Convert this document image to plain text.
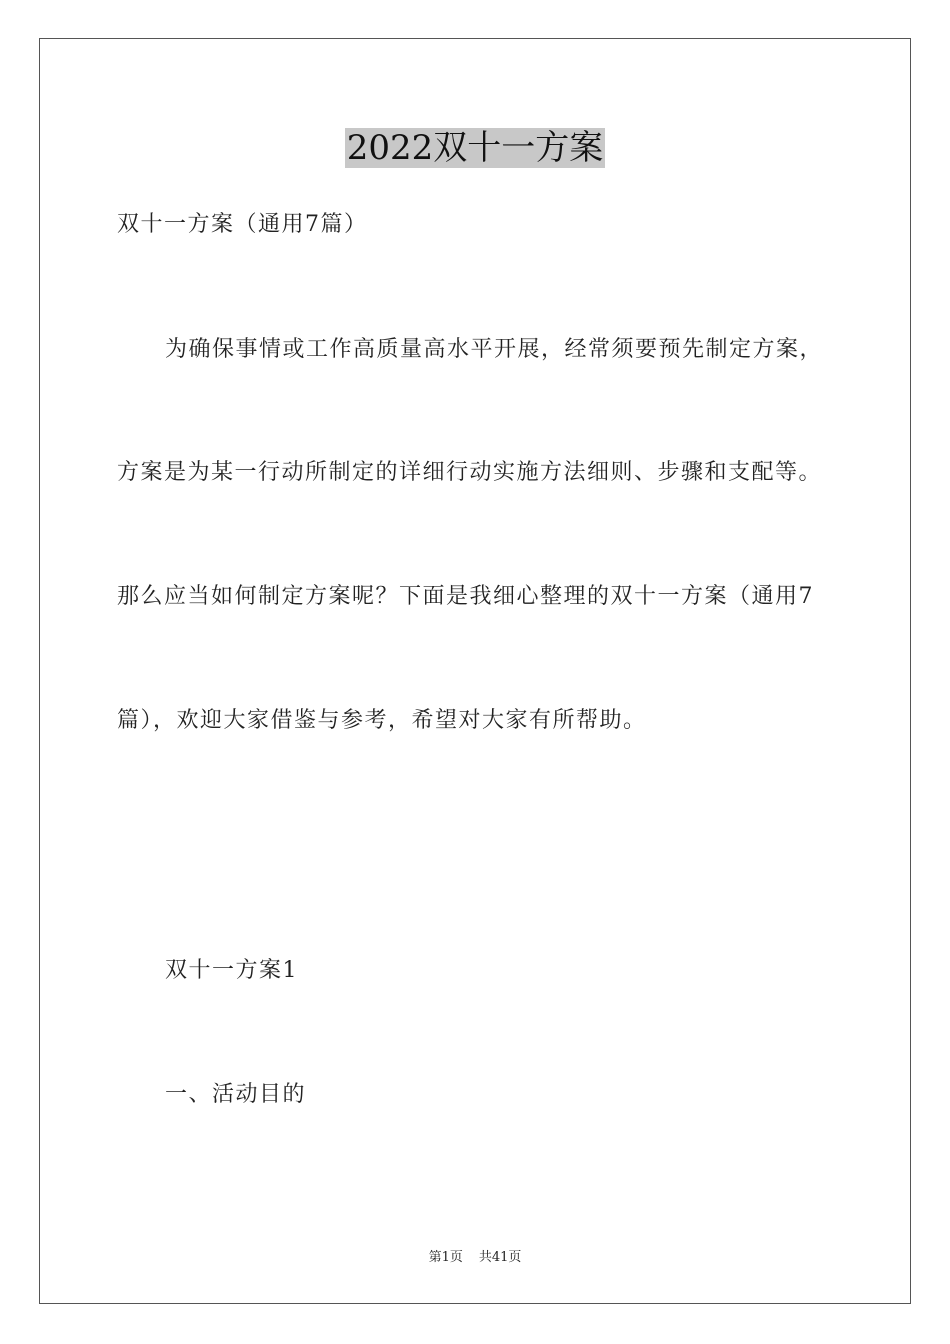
2022双十一方案
双十一方案（通用7篇）
为确保事情或工作高质量高水平开展，经常须要预先制定方案，
方案是为某一行动所制定的详细行动实施方法细则、步骤和支配等。
那么应当如何制定方案呢？下面是我细心整理的双十一方案（通用7
篇），欢迎大家借鉴与参考，希望对大家有所帮助。
双十一方案1
一、活动目的
第1页 共41页
